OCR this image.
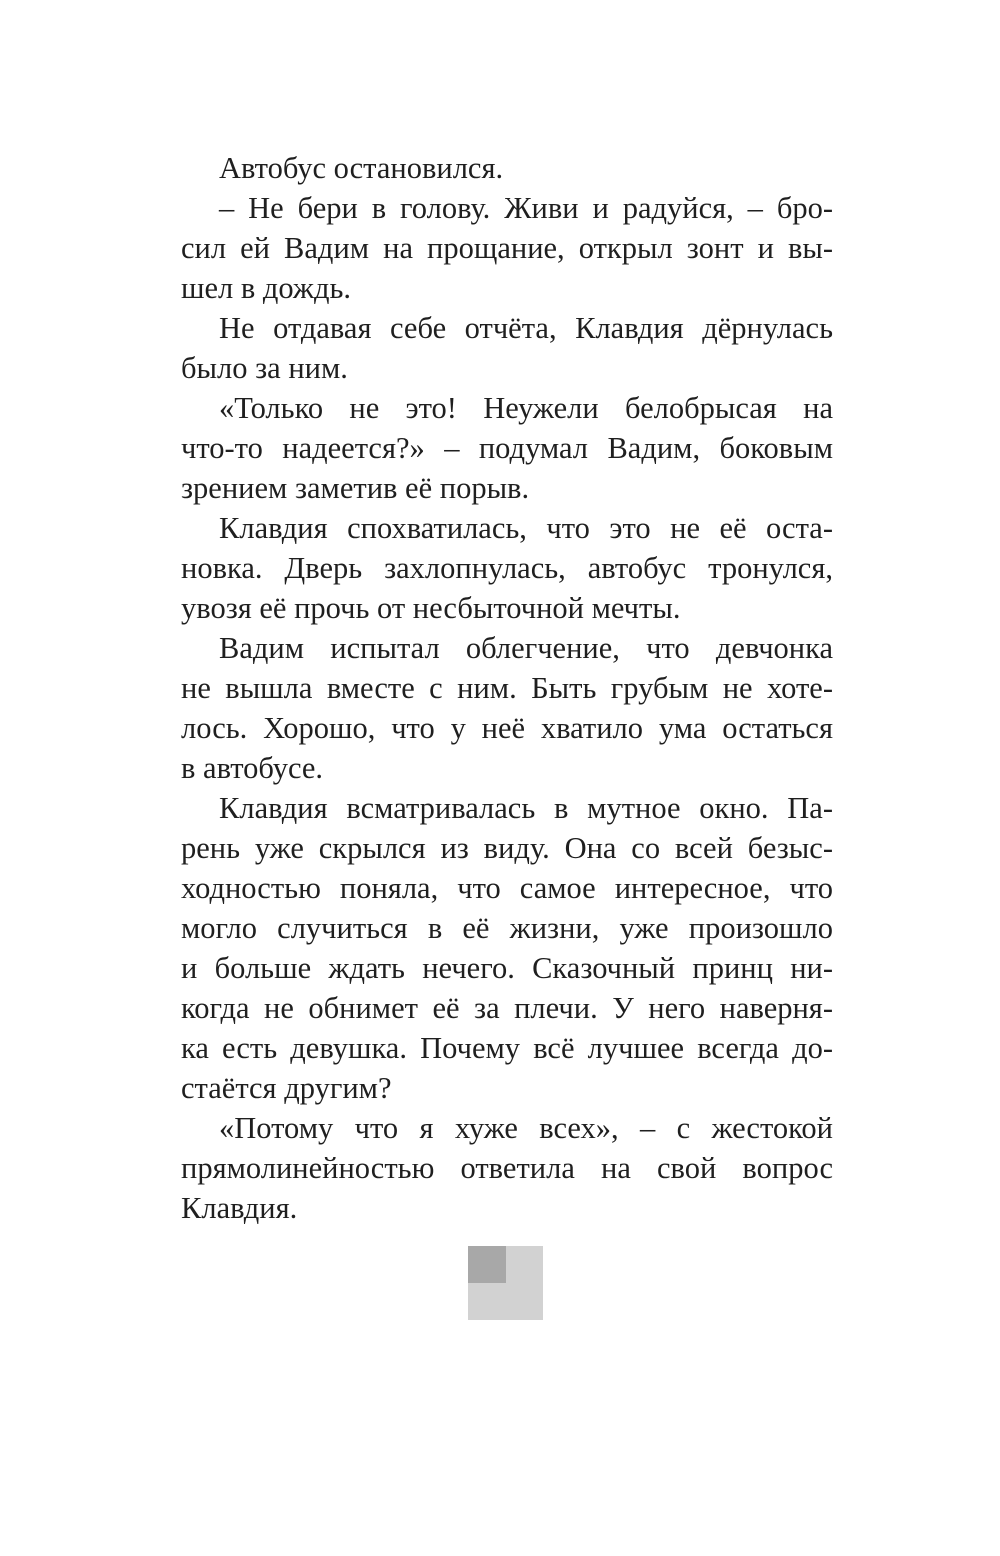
Автобус остановился.

– Не бери в голову. Живи и радуйся, – бро-
сил ей Вадим на прощание, открыл зонт и вы-
шел в дождь.

Не отдавая себе отчёта, Клавдия дёрнулась
было за ним.

«Только не это! Неужели белобрысая на
что-то надеется?» – подумал Вадим, боковым
зрением заметив её порыв.

Клавдия спохватилась, что это не её оста-
новка. Дверь захлопнулась, автобус тронулся,
увозя её прочь от несбыточной мечты.

Вадим испытал облегчение, что девчонка
не вышла вместе с ним. Быть грубым не хоте-
лось. Хорошо, что у неё хватило ума остаться
в автобусе.

Клавдия всматривалась в мутное окно. Па-
рень уже скрылся из виду. Она со всей безыс-
ходностью поняла, что самое интересное, что
могло случиться в её жизни, уже произошло
и больше ждать нечего. Сказочный принц ни-
когда не обнимет её за плечи. У него наверня-
ка есть девушка. Почему всё лучшее всегда до-
стаётся другим?

«Потому что я хуже всех», – с жестокой
прямолинейностью ответила на свой вопрос
Клавдия.
